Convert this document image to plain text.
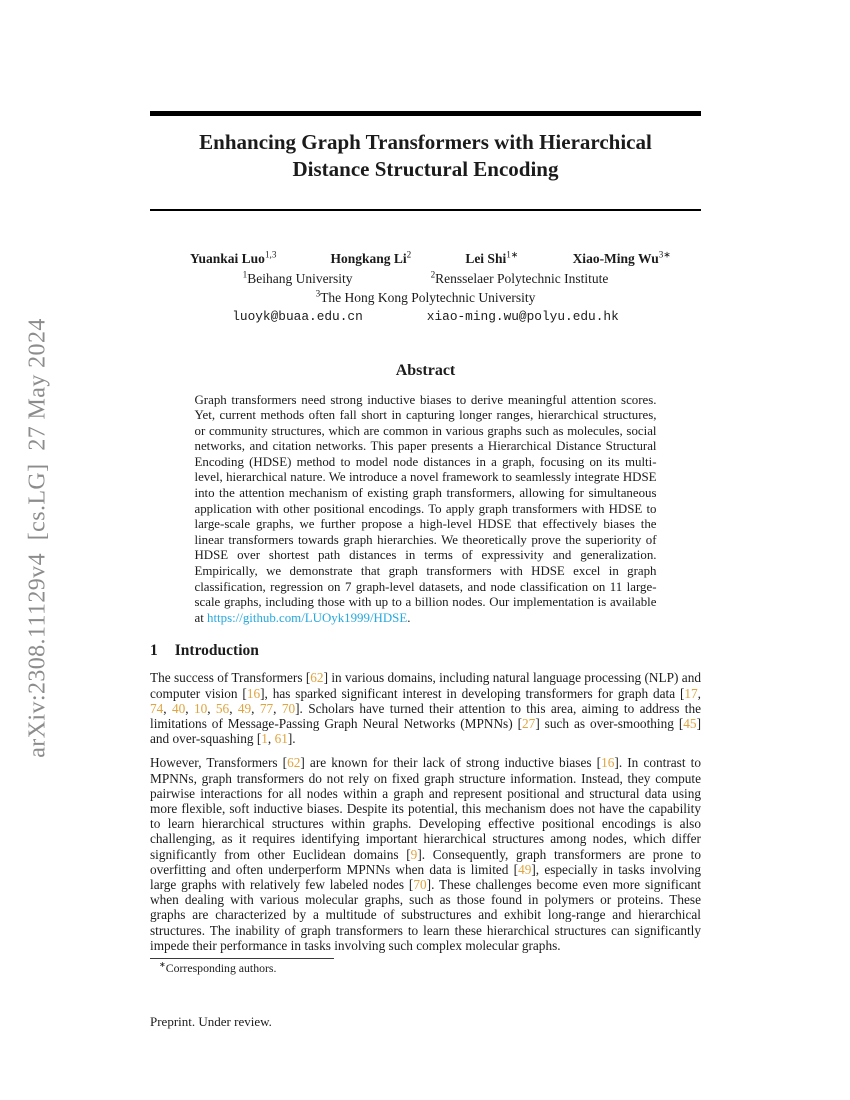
arXiv:2308.11129v4  [cs.LG]  27 May 2024
Enhancing Graph Transformers with Hierarchical
Distance Structural Encoding
Yuankai Luo$^{1,3}$	Hongkang Li$^2$	Lei Shi$^{1∗}$	Xiao-Ming $Wu^{3∗}$
$^1$Beihang University	$^2$Rensselaer Polytechnic Institute
$^3$The Hong Kong Polytechnic University
luoyk@buaa.edu.cn	xiao-ming.wu@polyu.edu.hk
Abstract
Graph transformers need strong inductive biases to derive meaningful attention scores. Yet, current methods often fall short in capturing longer ranges, hierarchical structures, or community structures, which are common in various graphs such as molecules, social networks, and citation networks. This paper presents a Hierarchical Distance Structural Encoding (HDSE) method to model node distances in a graph, focusing on its multi-level, hierarchical nature. We introduce a novel framework to seamlessly integrate HDSE into the attention mechanism of existing graph transformers, allowing for simultaneous application with other positional encodings. To apply graph transformers with HDSE to large-scale graphs, we further propose a high-level HDSE that effectively biases the linear transformers towards graph hierarchies. We theoretically prove the superiority of HDSE over shortest path distances in terms of expressivity and generalization. Empirically, we demonstrate that graph transformers with HDSE excel in graph classification, regression on 7 graph-level datasets, and node classification on 11 large-scale graphs, including those with up to a billion nodes. Our implementation is available at https://github.com/LUOyk1999/HDSE.
1 Introduction
The success of Transformers [62] in various domains, including natural language processing (NLP) and computer vision [16], has sparked significant interest in developing transformers for graph data [17, 74, 40, 10, 56, 49, 77, 70]. Scholars have turned their attention to this area, aiming to address the limitations of Message-Passing Graph Neural Networks (MPNNs) [27] such as over-smoothing [45] and over-squashing [1, 61].
However, Transformers [62] are known for their lack of strong inductive biases [16]. In contrast to MPNNs, graph transformers do not rely on fixed graph structure information. Instead, they compute pairwise interactions for all nodes within a graph and represent positional and structural data using more flexible, soft inductive biases. Despite its potential, this mechanism does not have the capability to learn hierarchical structures within graphs. Developing effective positional encodings is also challenging, as it requires identifying important hierarchical structures among nodes, which differ significantly from other Euclidean domains [9]. Consequently, graph transformers are prone to overfitting and often underperform MPNNs when data is limited [49], especially in tasks involving large graphs with relatively few labeled nodes [70]. These challenges become even more significant when dealing with various molecular graphs, such as those found in polymers or proteins. These graphs are characterized by a multitude of substructures and exhibit long-range and hierarchical structures. The inability of graph transformers to learn these hierarchical structures can significantly impede their performance in tasks involving such complex molecular graphs.
∗Corresponding authors.
Preprint. Under review.
